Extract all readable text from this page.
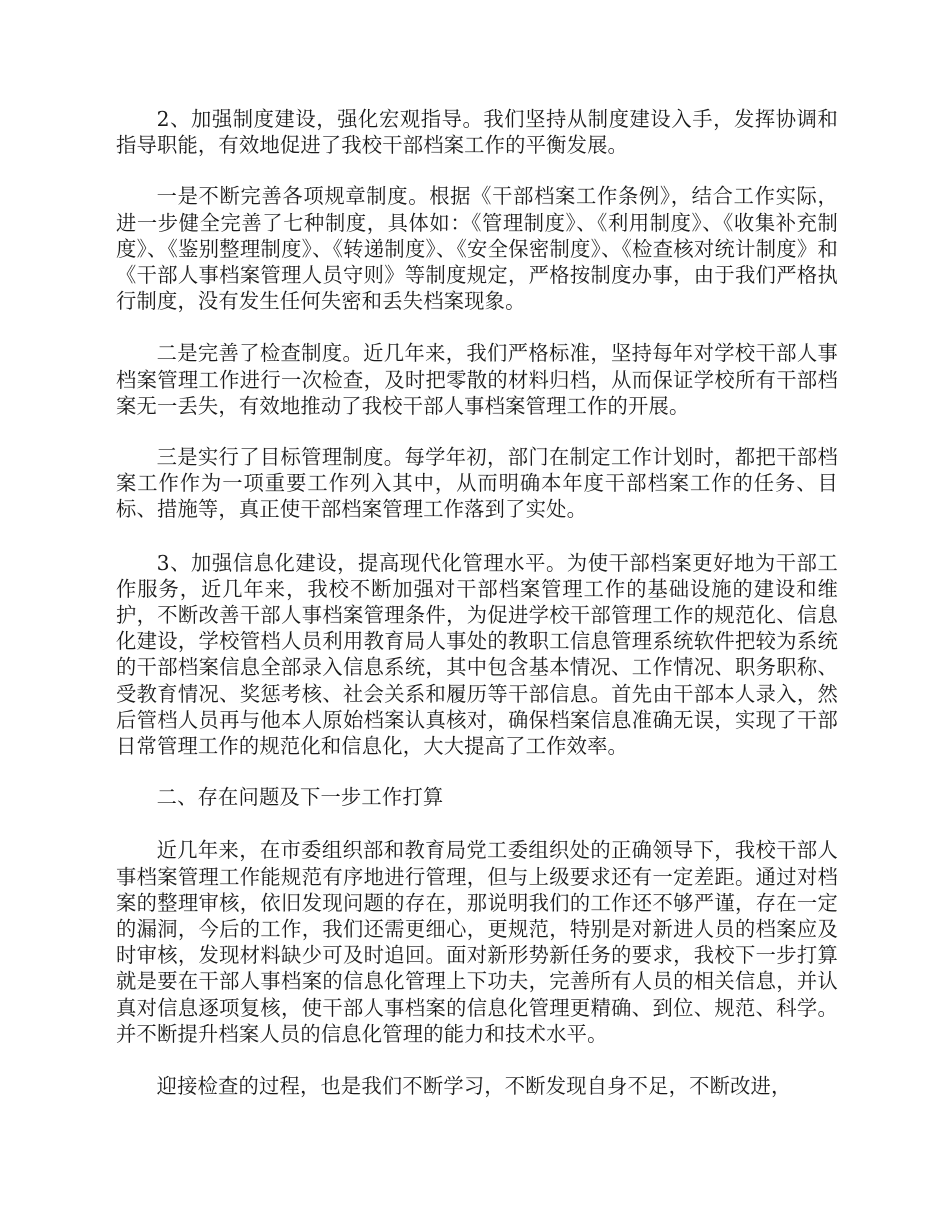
2、加强制度建设，强化宏观指导。我们坚持从制度建设入手，发挥协调和指导职能，有效地促进了我校干部档案工作的平衡发展。

一是不断完善各项规章制度。根据《干部档案工作条例》，结合工作实际，进一步健全完善了七种制度，具体如：《管理制度》、《利用制度》、《收集补充制度》、《鉴别整理制度》、《转递制度》、《安全保密制度》、《检查核对统计制度》和《干部人事档案管理人员守则》等制度规定，严格按制度办事，由于我们严格执行制度，没有发生任何失密和丢失档案现象。

二是完善了检查制度。近几年来，我们严格标准，坚持每年对学校干部人事档案管理工作进行一次检查，及时把零散的材料归档，从而保证学校所有干部档案无一丢失，有效地推动了我校干部人事档案管理工作的开展。

三是实行了目标管理制度。每学年初，部门在制定工作计划时，都把干部档案工作作为一项重要工作列入其中，从而明确本年度干部档案工作的任务、目标、措施等，真正使干部档案管理工作落到了实处。

3、加强信息化建设，提高现代化管理水平。为使干部档案更好地为干部工作服务，近几年来，我校不断加强对干部档案管理工作的基础设施的建设和维护，不断改善干部人事档案管理条件，为促进学校干部管理工作的规范化、信息化建设，学校管档人员利用教育局人事处的教职工信息管理系统软件把较为系统的干部档案信息全部录入信息系统，其中包含基本情况、工作情况、职务职称、受教育情况、奖惩考核、社会关系和履历等干部信息。首先由干部本人录入，然后管档人员再与他本人原始档案认真核对，确保档案信息准确无误，实现了干部日常管理工作的规范化和信息化，大大提高了工作效率。

二、存在问题及下一步工作打算

近几年来，在市委组织部和教育局党工委组织处的正确领导下，我校干部人事档案管理工作能规范有序地进行管理，但与上级要求还有一定差距。通过对档案的整理审核，依旧发现问题的存在，那说明我们的工作还不够严谨，存在一定的漏洞，今后的工作，我们还需更细心，更规范，特别是对新进人员的档案应及时审核，发现材料缺少可及时追回。面对新形势新任务的要求，我校下一步打算就是要在干部人事档案的信息化管理上下功夫，完善所有人员的相关信息，并认真对信息逐项复核，使干部人事档案的信息化管理更精确、到位、规范、科学。并不断提升档案人员的信息化管理的能力和技术水平。

迎接检查的过程，也是我们不断学习，不断发现自身不足，不断改进，
